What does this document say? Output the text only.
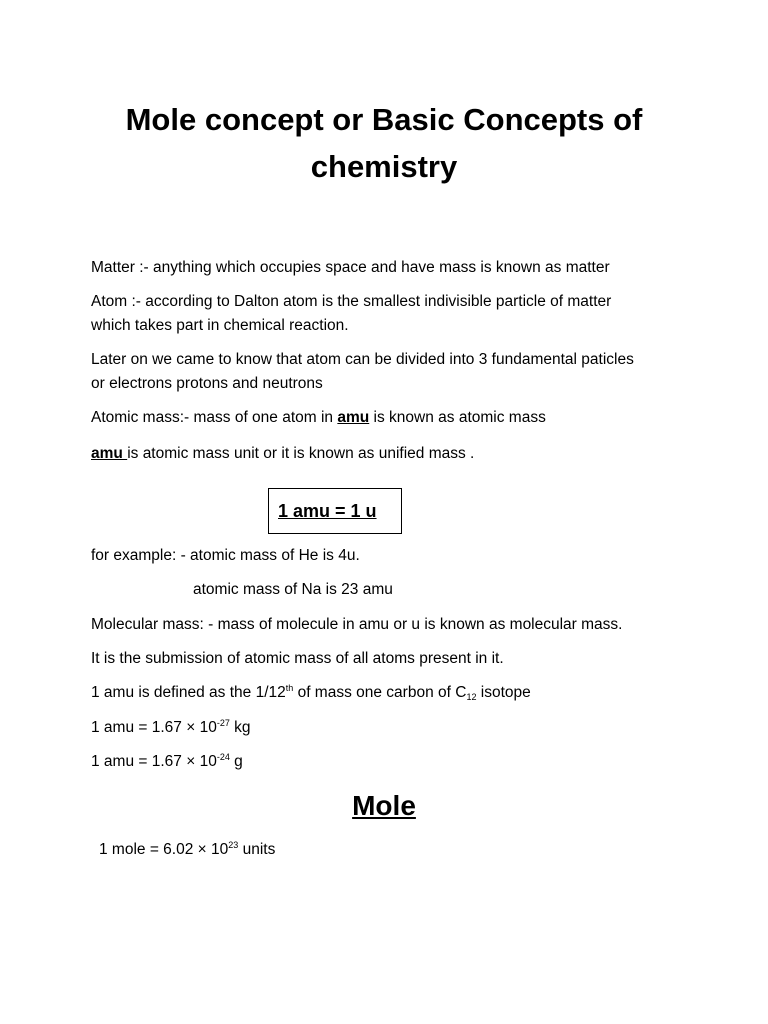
Mole concept or Basic Concepts of
chemistry
Matter :- anything which occupies space and have mass is known as matter
Atom :- according to Dalton atom is the smallest indivisible particle of matter
which takes part in chemical reaction.
Later on we came to know that atom can be divided into 3 fundamental paticles
or electrons protons and neutrons
Atomic mass:- mass of one atom in amu is known as atomic mass
amu is atomic mass unit or it is known as unified mass .
1 amu = 1 u
for example: - atomic mass of He is 4u.
atomic mass of Na is 23 amu
Molecular mass: - mass of molecule in amu or u is known as molecular mass.
It is the submission of atomic mass of all atoms present in it.
1 amu is defined as the 1/12th of mass one carbon of $C_{12}$ isotope
1 amu = $1.67 \times 10^{-27}$ kg
1 amu = $1.67 \times 10^{-24}$ g
Mole
1 mole = $6.02 \times 10^{23}$ units
